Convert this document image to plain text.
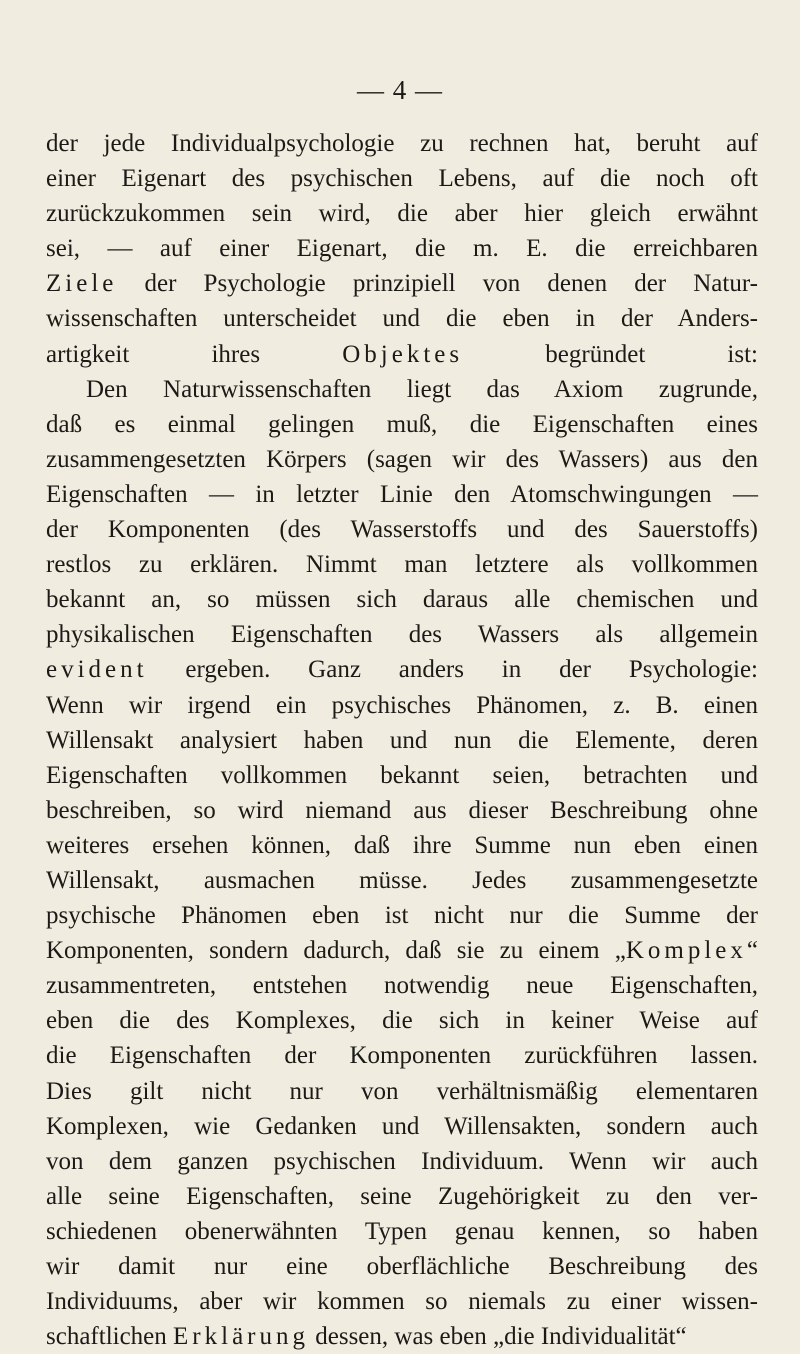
— 4 —
der jede Individualpsychologie zu rechnen hat, beruht auf
einer Eigenart des psychischen Lebens, auf die noch oft
zurückzukommen sein wird, die aber hier gleich erwähnt
sei, — auf einer Eigenart, die m. E. die erreichbaren
Ziele der Psychologie prinzipiell von denen der Natur-
wissenschaften unterscheidet und die eben in der Anders-
artigkeit ihres Objektes begründet ist:
Den Naturwissenschaften liegt das Axiom zugrunde,
daß es einmal gelingen muß, die Eigenschaften eines
zusammengesetzten Körpers (sagen wir des Wassers) aus den
Eigenschaften — in letzter Linie den Atomschwingungen —
der Komponenten (des Wasserstoffs und des Sauerstoffs)
restlos zu erklären. Nimmt man letztere als vollkommen
bekannt an, so müssen sich daraus alle chemischen und
physikalischen Eigenschaften des Wassers als allgemein
evident ergeben. Ganz anders in der Psychologie:
Wenn wir irgend ein psychisches Phänomen, z. B. einen
Willensakt analysiert haben und nun die Elemente, deren
Eigenschaften vollkommen bekannt seien, betrachten und
beschreiben, so wird niemand aus dieser Beschreibung ohne
weiteres ersehen können, daß ihre Summe nun eben einen
Willensakt, ausmachen müsse. Jedes zusammengesetzte
psychische Phänomen eben ist nicht nur die Summe der
Komponenten, sondern dadurch, daß sie zu einem „Komplex“
zusammentreten, entstehen notwendig neue Eigenschaften,
eben die des Komplexes, die sich in keiner Weise auf
die Eigenschaften der Komponenten zurückführen lassen.
Dies gilt nicht nur von verhältnismäßig elementaren
Komplexen, wie Gedanken und Willensakten, sondern auch
von dem ganzen psychischen Individuum. Wenn wir auch
alle seine Eigenschaften, seine Zugehörigkeit zu den ver-
schiedenen obenerwähnten Typen genau kennen, so haben
wir damit nur eine oberflächliche Beschreibung des
Individuums, aber wir kommen so niemals zu einer wissen-
schaftlichen Erklärung dessen, was eben „die Individualität“
